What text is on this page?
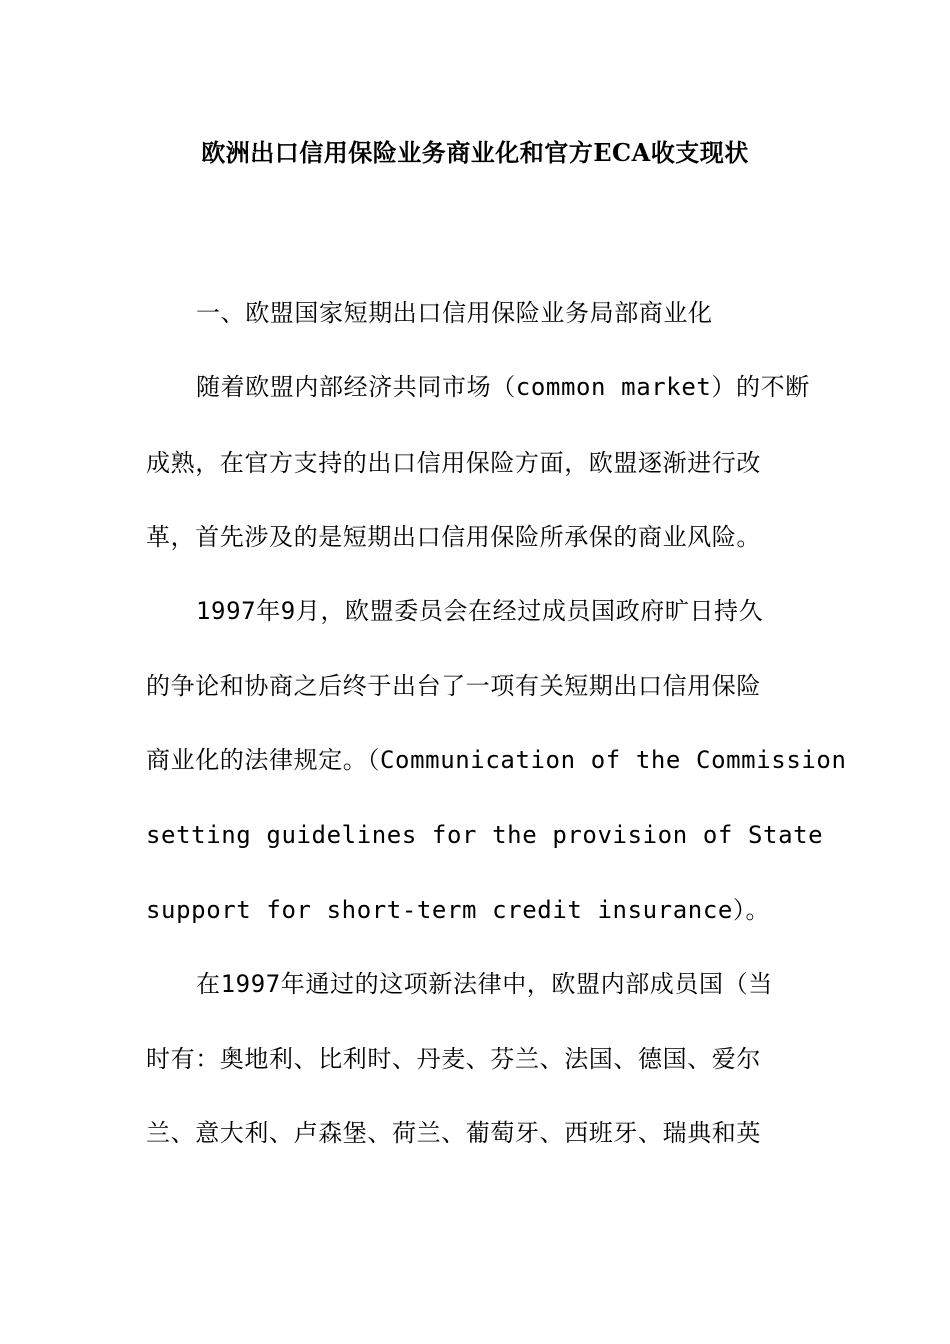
欧洲出口信用保险业务商业化和官方ECA收支现状
一、欧盟国家短期出口信用保险业务局部商业化
随着欧盟内部经济共同市场（common market）的不断
成熟，在官方支持的出口信用保险方面，欧盟逐渐进行改
革，首先涉及的是短期出口信用保险所承保的商业风险。
1997年9月，欧盟委员会在经过成员国政府旷日持久
的争论和协商之后终于出台了一项有关短期出口信用保险
商业化的法律规定。（Communication of the Commission
setting guidelines for the provision of State
support for short-term credit insurance）。
在1997年通过的这项新法律中，欧盟内部成员国（当
时有：奥地利、比利时、丹麦、芬兰、法国、德国、爱尔
兰、意大利、卢森堡、荷兰、葡萄牙、西班牙、瑞典和英
